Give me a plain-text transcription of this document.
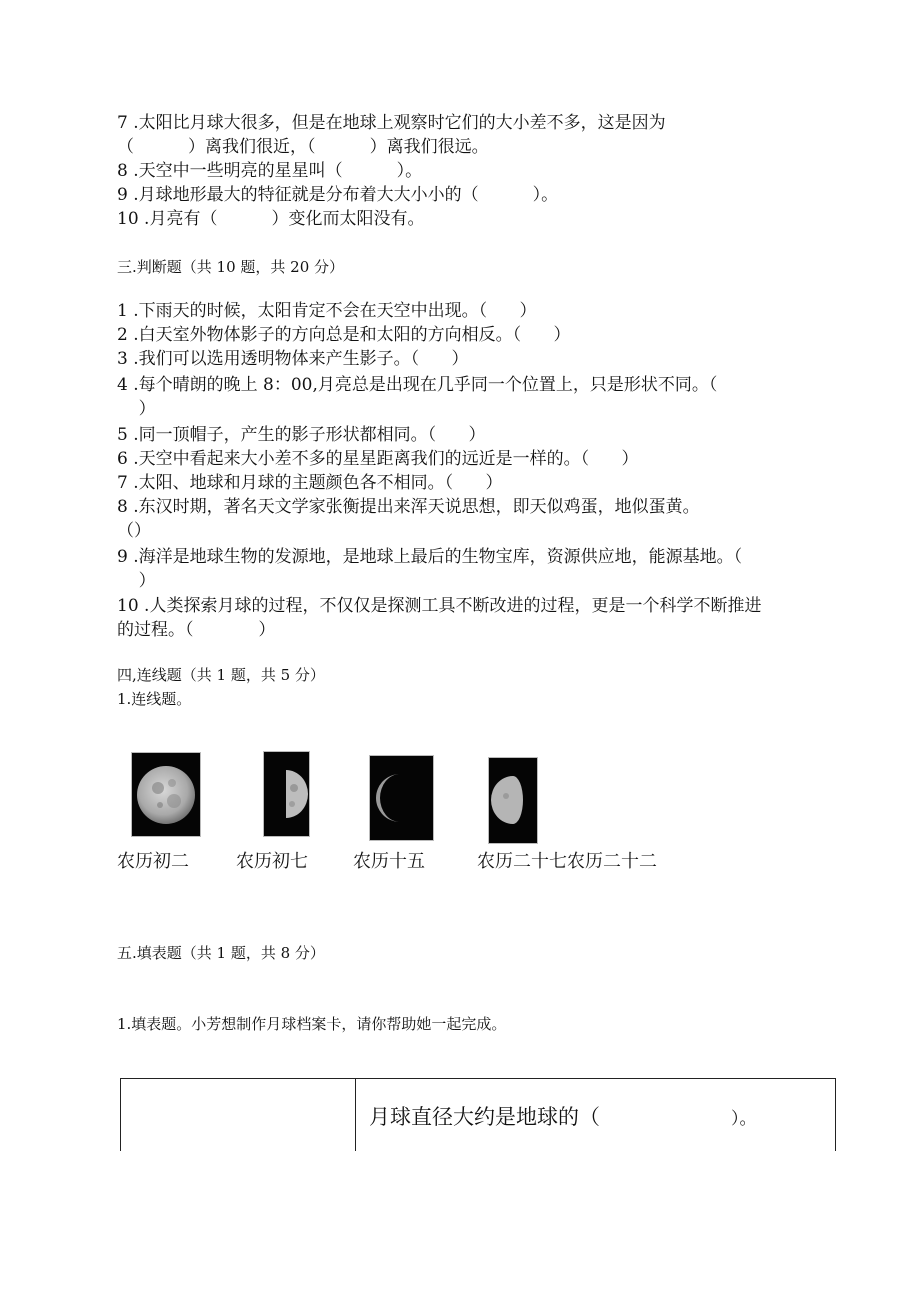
7 .太阳比月球大很多，但是在地球上观察时它们的大小差不多，这是因为
（          ）离我们很近，（          ）离我们很远。
8 .天空中一些明亮的星星叫（          ）。
9 .月球地形最大的特征就是分布着大大小小的（          ）。
10 .月亮有（          ）变化而太阳没有。
三.判断题（共 10 题，共 20 分）
1 .下雨天的时候，太阳肯定不会在天空中出现。（      ）
2 .白天室外物体影子的方向总是和太阳的方向相反。（      ）
3 .我们可以选用透明物体来产生影子。（      ）
4 .每个晴朗的晚上 8：00,月亮总是出现在几乎同一个位置上，只是形状不同。（
）
5 .同一顶帽子，产生的影子形状都相同。（      ）
6 .天空中看起来大小差不多的星星距离我们的远近是一样的。（      ）
7 .太阳、地球和月球的主题颜色各不相同。（      ）
8 .东汉时期，著名天文学家张衡提出来浑天说思想，即天似鸡蛋，地似蛋黄。
（）
9 .海洋是地球生物的发源地，是地球上最后的生物宝库，资源供应地，能源基地。（
）
10 .人类探索月球的过程，不仅仅是探测工具不断改进的过程，更是一个科学不断推进
的过程。（            ）
四,连线题（共 1 题，共 5 分）
1.连线题。
农历初二	农历初七	农历十五	农历二十七农历二十二
五.填表题（共 1 题，共 8 分）
1.填表题。小芳想制作月球档案卡，请你帮助她一起完成。
月球直径大约是地球的（	）。
